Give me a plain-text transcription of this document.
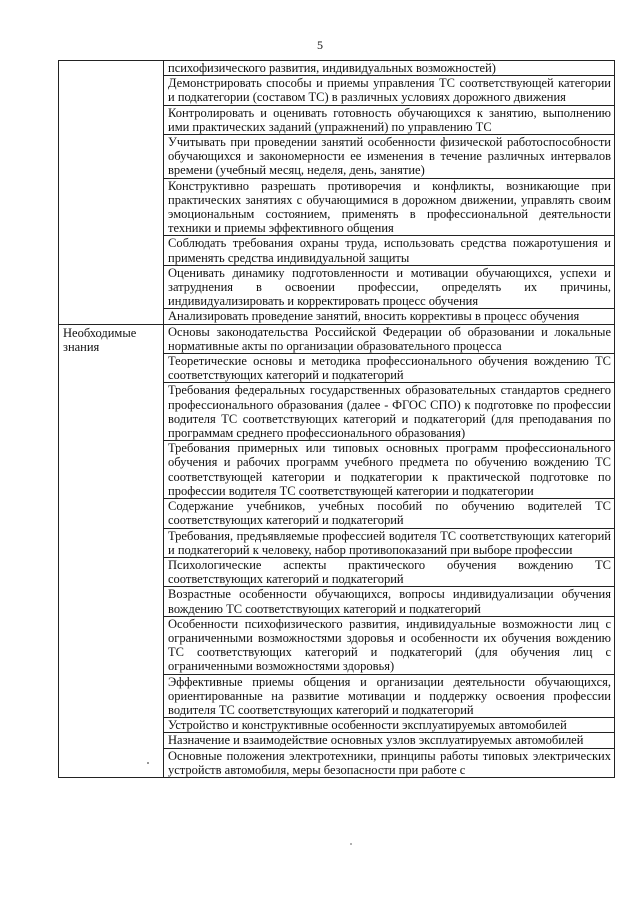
5
	психофизического развития, индивидуальных возможностей)
	Демонстрировать способы и приемы управления ТС соответствующей категории и подкатегории (составом ТС) в различных условиях дорожного движения
	Контролировать и оценивать готовность обучающихся к занятию, выполнению ими практических заданий (упражнений) по управлению ТС
	Учитывать при проведении занятий особенности физической работоспособности обучающихся и закономерности ее изменения в течение различных интервалов времени (учебный месяц, неделя, день, занятие)
	Конструктивно разрешать противоречия и конфликты, возникающие при практических занятиях с обучающимися в дорожном движении, управлять своим эмоциональным состоянием, применять в профессиональной деятельности техники и приемы эффективного общения
	Соблюдать требования охраны труда, использовать средства пожаротушения и применять средства индивидуальной защиты
	Оценивать динамику подготовленности и мотивации обучающихся, успехи и затруднения в освоении профессии, определять их причины, индивидуализировать и корректировать процесс обучения
	Анализировать проведение занятий, вносить коррективы в процесс обучения
Необходимые знания	Основы законодательства Российской Федерации об образовании и локальные нормативные акты по организации образовательного процесса
	Теоретические основы и методика профессионального обучения вождению ТС соответствующих категорий и подкатегорий
	Требования федеральных государственных образовательных стандартов среднего профессионального образования (далее - ФГОС СПО) к подготовке по профессии водителя ТС соответствующих категорий и подкатегорий (для преподавания по программам среднего профессионального образования)
	Требования примерных или типовых основных программ профессионального обучения и рабочих программ учебного предмета по обучению вождению ТС соответствующей категории и подкатегории к практической подготовке по профессии водителя ТС соответствующей категории и подкатегории
	Содержание учебников, учебных пособий по обучению водителей ТС соответствующих категорий и подкатегорий
	Требования, предъявляемые профессией водителя ТС соответствующих категорий и подкатегорий к человеку, набор противопоказаний при выборе профессии
	Психологические аспекты практического обучения вождению ТС соответствующих категорий и подкатегорий
	Возрастные особенности обучающихся, вопросы индивидуализации обучения вождению ТС соответствующих категорий и подкатегорий
	Особенности психофизического развития, индивидуальные возможности лиц с ограниченными возможностями здоровья и особенности их обучения вождению ТС соответствующих категорий и подкатегорий (для обучения лиц с ограниченными возможностями здоровья)
	Эффективные приемы общения и организации деятельности обучающихся, ориентированные на развитие мотивации и поддержку освоения профессии водителя ТС соответствующих категорий и подкатегорий
	Устройство и конструктивные особенности эксплуатируемых автомобилей
	Назначение и взаимодействие основных узлов эксплуатируемых автомобилей
	Основные положения электротехники, принципы работы типовых электрических устройств автомобиля, меры безопасности при работе с
